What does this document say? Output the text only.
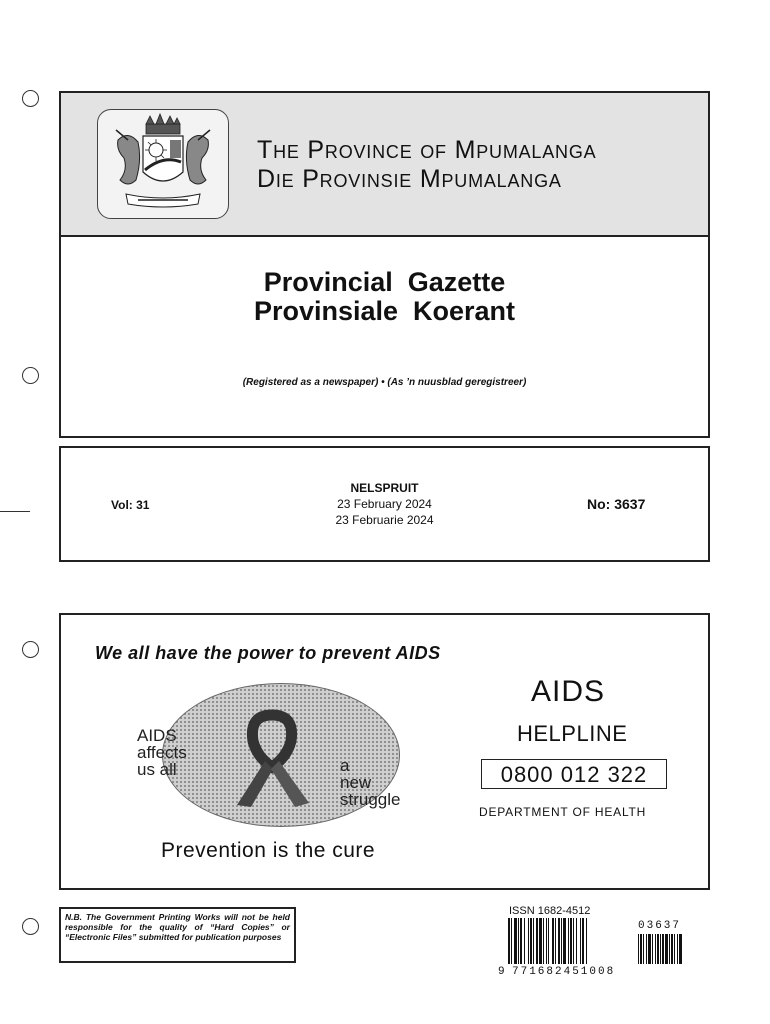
The Province of Mpumalanga
Die Provinsie Mpumalanga
Provincial  Gazette
Provinsiale  Koerant
(Registered as a newspaper) • (As ’n nuusblad geregistreer)
Vol: 31
NELSPRUIT
23 February 2024
23 Februarie 2024
No: 3637
We all have the power to prevent AIDS
AIDS
affects
us all	a
new
struggle
Prevention is the cure
AIDS
HELPLINE
0800 012 322
DEPARTMENT OF HEALTH
N.B. The Government Printing Works will not be held responsible for the quality of “Hard Copies” or “Electronic Files” submitted for publication purposes
ISSN 1682-4512
9 771682451008
03637
